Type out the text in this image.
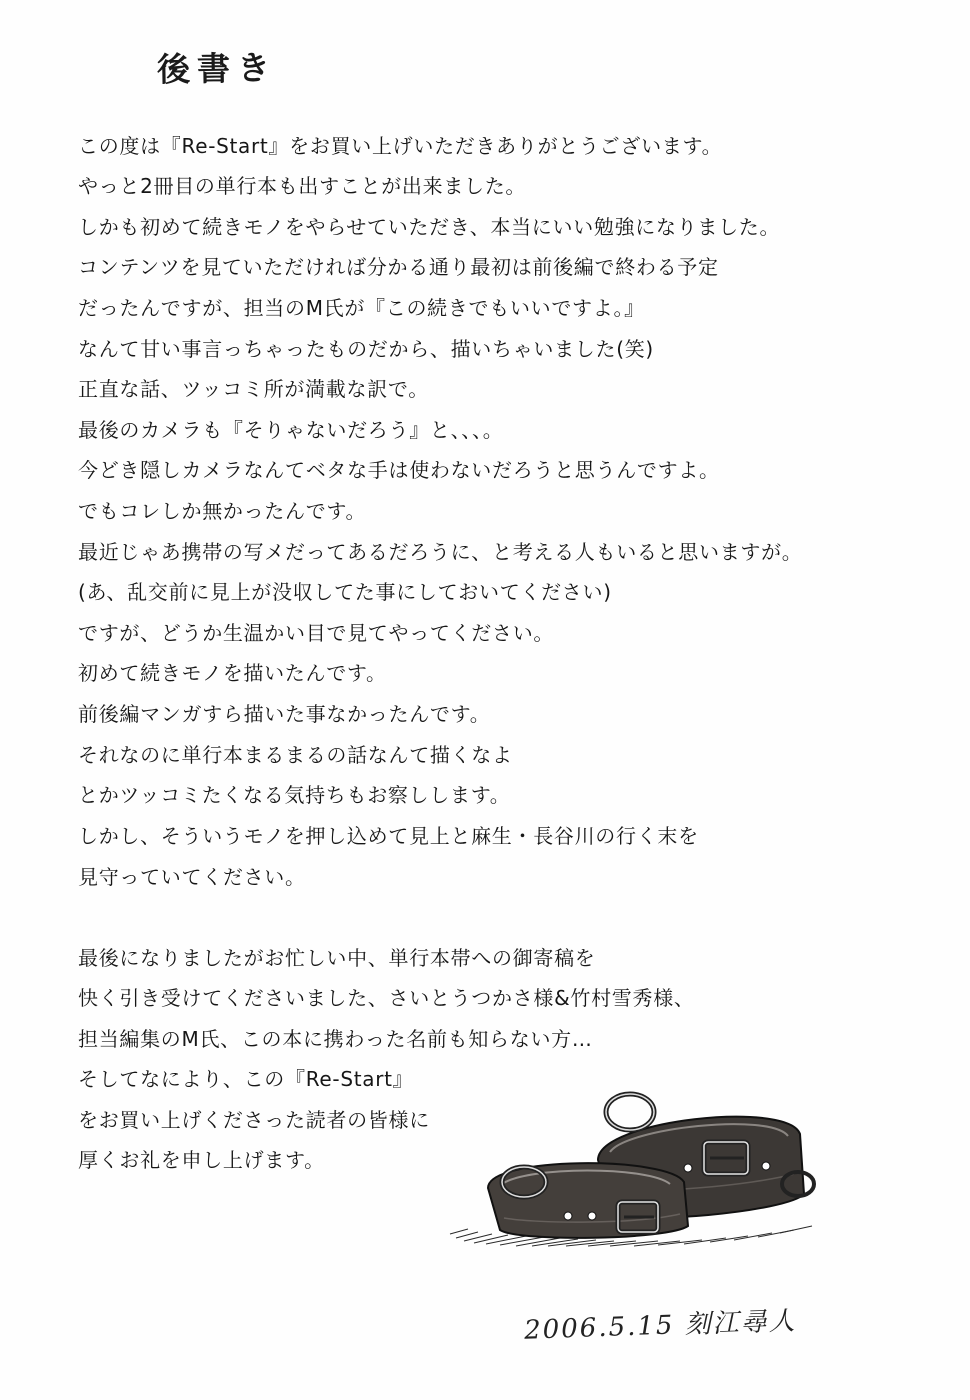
後書き
この度は『Re-Start』をお買い上げいただきありがとうございます。
やっと2冊目の単行本も出すことが出来ました。
しかも初めて続きモノをやらせていただき、本当にいい勉強になりました。
コンテンツを見ていただければ分かる通り最初は前後編で終わる予定
だったんですが、担当のM氏が『この続きでもいいですよ。』
なんて甘い事言っちゃったものだから、描いちゃいました(笑)
正直な話、ツッコミ所が満載な訳で。
最後のカメラも『そりゃないだろう』と、、、。
今どき隠しカメラなんてベタな手は使わないだろうと思うんですよ。
でもコレしか無かったんです。
最近じゃあ携帯の写メだってあるだろうに、と考える人もいると思いますが。
(あ、乱交前に見上が没収してた事にしておいてください)
ですが、どうか生温かい目で見てやってください。
初めて続きモノを描いたんです。
前後編マンガすら描いた事なかったんです。
それなのに単行本まるまるの話なんて描くなよ
とかツッコミたくなる気持ちもお察しします。
しかし、そういうモノを押し込めて見上と麻生・長谷川の行く末を
見守っていてください。
最後になりましたがお忙しい中、単行本帯への御寄稿を
快く引き受けてくださいました、さいとうつかさ様&竹村雪秀様、
担当編集のM氏、この本に携わった名前も知らない方…
そしてなにより、この『Re-Start』
をお買い上げくださった読者の皆様に
厚くお礼を申し上げます。
2006.5.15 刻江尋人
